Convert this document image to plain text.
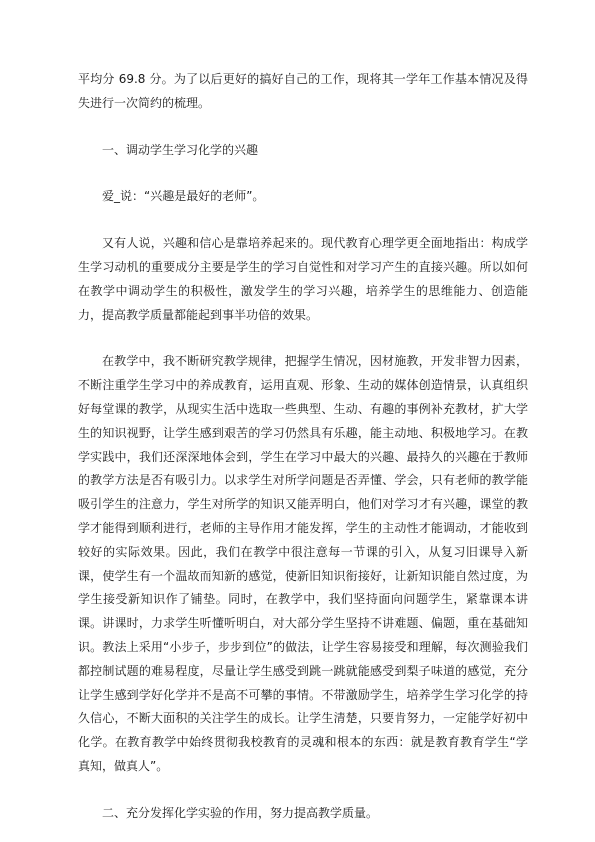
平均分 69.8 分。为了以后更好的搞好自己的工作，现将其一学年工作基本情况及得失进行一次简约的梳理。

一、调动学生学习化学的兴趣

爱_说：“兴趣是最好的老师”。

又有人说，兴趣和信心是靠培养起来的。现代教育心理学更全面地指出：构成学生学习动机的重要成分主要是学生的学习自觉性和对学习产生的直接兴趣。所以如何在教学中调动学生的积极性，激发学生的学习兴趣，培养学生的思维能力、创造能力，提高教学质量都能起到事半功倍的效果。

在教学中，我不断研究教学规律，把握学生情况，因材施教，开发非智力因素，不断注重学生学习中的养成教育，运用直观、形象、生动的媒体创造情景，认真组织好每堂课的教学，从现实生活中选取一些典型、生动、有趣的事例补充教材，扩大学生的知识视野，让学生感到艰苦的学习仍然具有乐趣，能主动地、积极地学习。在教学实践中，我们还深深地体会到，学生在学习中最大的兴趣、最持久的兴趣在于教师的教学方法是否有吸引力。以求学生对所学问题是否弄懂、学会，只有老师的教学能吸引学生的注意力，学生对所学的知识又能弄明白，他们对学习才有兴趣，课堂的教学才能得到顺利进行，老师的主导作用才能发挥，学生的主动性才能调动，才能收到较好的实际效果。因此，我们在教学中很注意每一节课的引入，从复习旧课导入新课，使学生有一个温故而知新的感觉，使新旧知识衔接好，让新知识能自然过度，为学生接受新知识作了铺垫。同时，在教学中，我们坚持面向问题学生，紧靠课本讲课。讲课时，力求学生听懂听明白，对大部分学生坚持不讲难题、偏题，重在基础知识。教法上采用“小步子，步步到位”的做法，让学生容易接受和理解，每次测验我们都控制试题的难易程度，尽量让学生感受到跳一跳就能感受到梨子味道的感觉，充分让学生感到学好化学并不是高不可攀的事情。不带激励学生，培养学生学习化学的持久信心，不断大面积的关注学生的成长。让学生清楚，只要肯努力，一定能学好初中化学。在教育教学中始终贯彻我校教育的灵魂和根本的东西：就是教育教育学生“学真知，做真人”。

二、充分发挥化学实验的作用，努力提高教学质量。
